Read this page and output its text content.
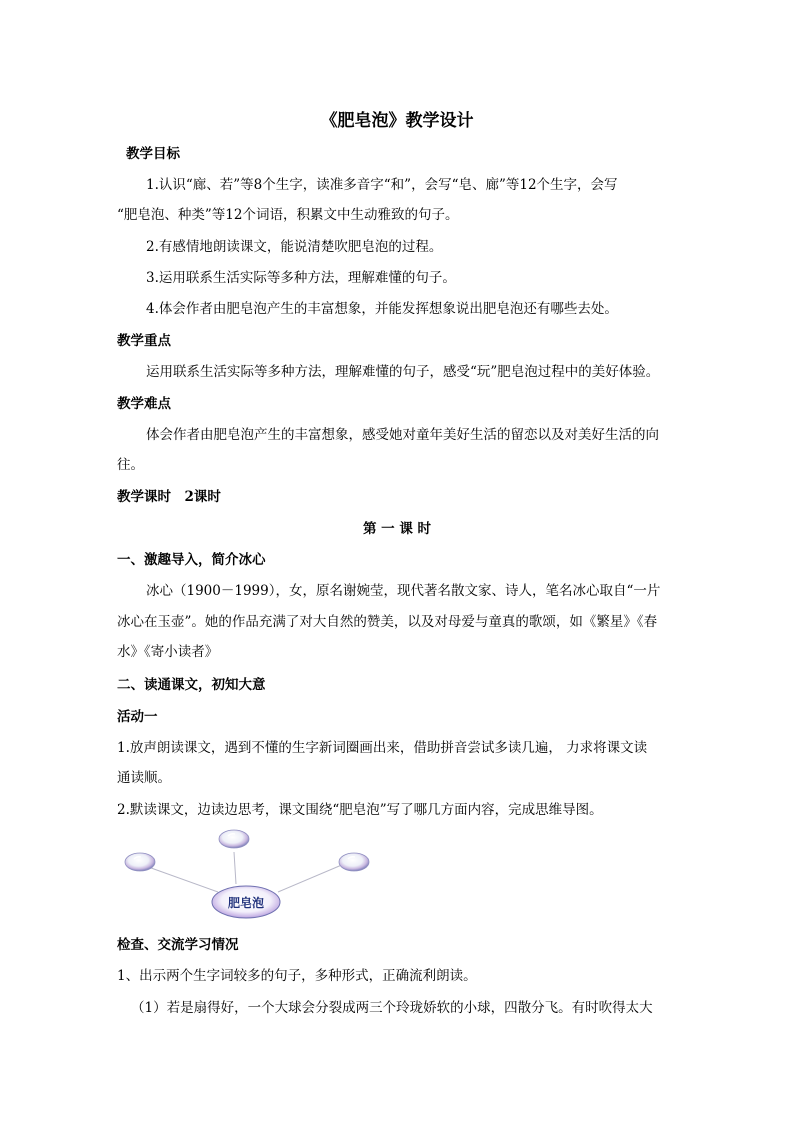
《肥皂泡》教学设计
教学目标
1.认识“廊、若”等8个生字，读准多音字“和”，会写“皂、廊”等12个生字，会写
“肥皂泡、种类”等12个词语，积累文中生动雅致的句子。
2.有感情地朗读课文，能说清楚吹肥皂泡的过程。
3.运用联系生活实际等多种方法，理解难懂的句子。
4.体会作者由肥皂泡产生的丰富想象，并能发挥想象说出肥皂泡还有哪些去处。
教学重点
运用联系生活实际等多种方法，理解难懂的句子，感受“玩”肥皂泡过程中的美好体验。
教学难点
体会作者由肥皂泡产生的丰富想象，感受她对童年美好生活的留恋以及对美好生活的向
往。
教学课时　2课时
第 一 课 时
一、激趣导入，简介冰心
冰心（1900－1999），女，原名谢婉莹，现代著名散文家、诗人，笔名冰心取自“一片
冰心在玉壶”。她的作品充满了对大自然的赞美，以及对母爱与童真的歌颂，如《繁星》《春
水》《寄小读者》
二、读通课文，初知大意
活动一
1.放声朗读课文，遇到不懂的生字新词圈画出来，借助拼音尝试多读几遍， 力求将课文读
通读顺。
2.默读课文，边读边思考，课文围绕“肥皂泡”写了哪几方面内容，完成思维导图。
肥皂泡
检查、交流学习情况
1、出示两个生字词较多的句子，多种形式，正确流利朗读。
（1）若是扇得好，一个大球会分裂成两三个玲珑娇软的小球，四散分飞。有时吹得太大
